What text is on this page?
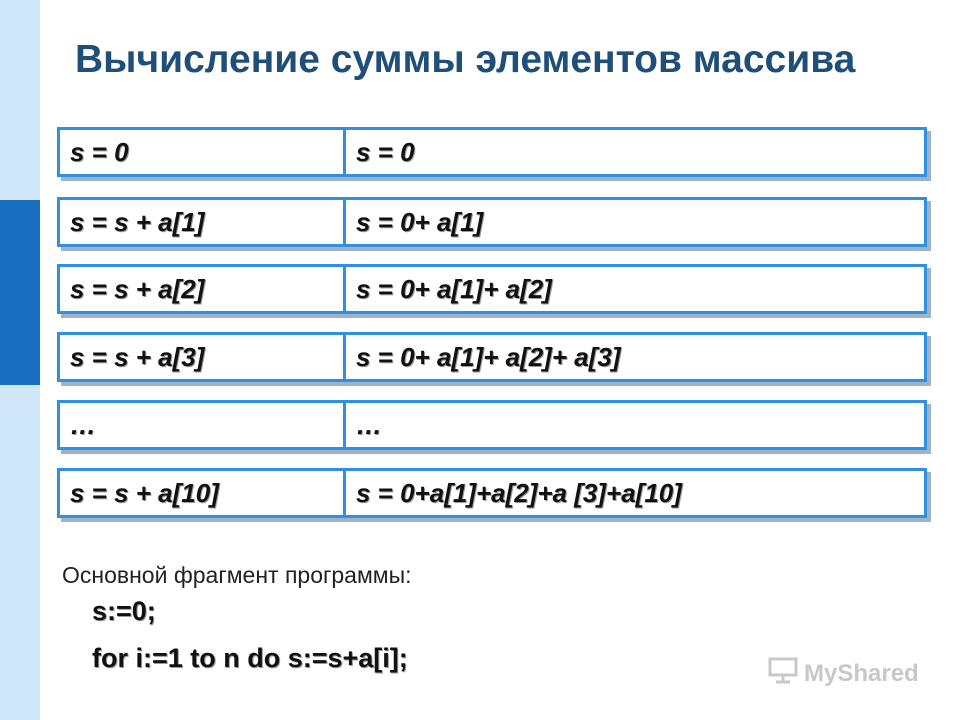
Вычисление суммы элементов массива
s = 0	s = 0
s = s + a[1]	s = 0+ a[1]
s = s + a[2]	s = 0+ a[1]+ a[2]
s = s + a[3]	s = 0+ a[1]+ a[2]+ a[3]
…	…
s = s + a[10]	s = 0+a[1]+a[2]+a [3]+a[10]
Основной фрагмент программы:
s:=0;
for i:=1 to n do s:=s+a[i];	MyShared
